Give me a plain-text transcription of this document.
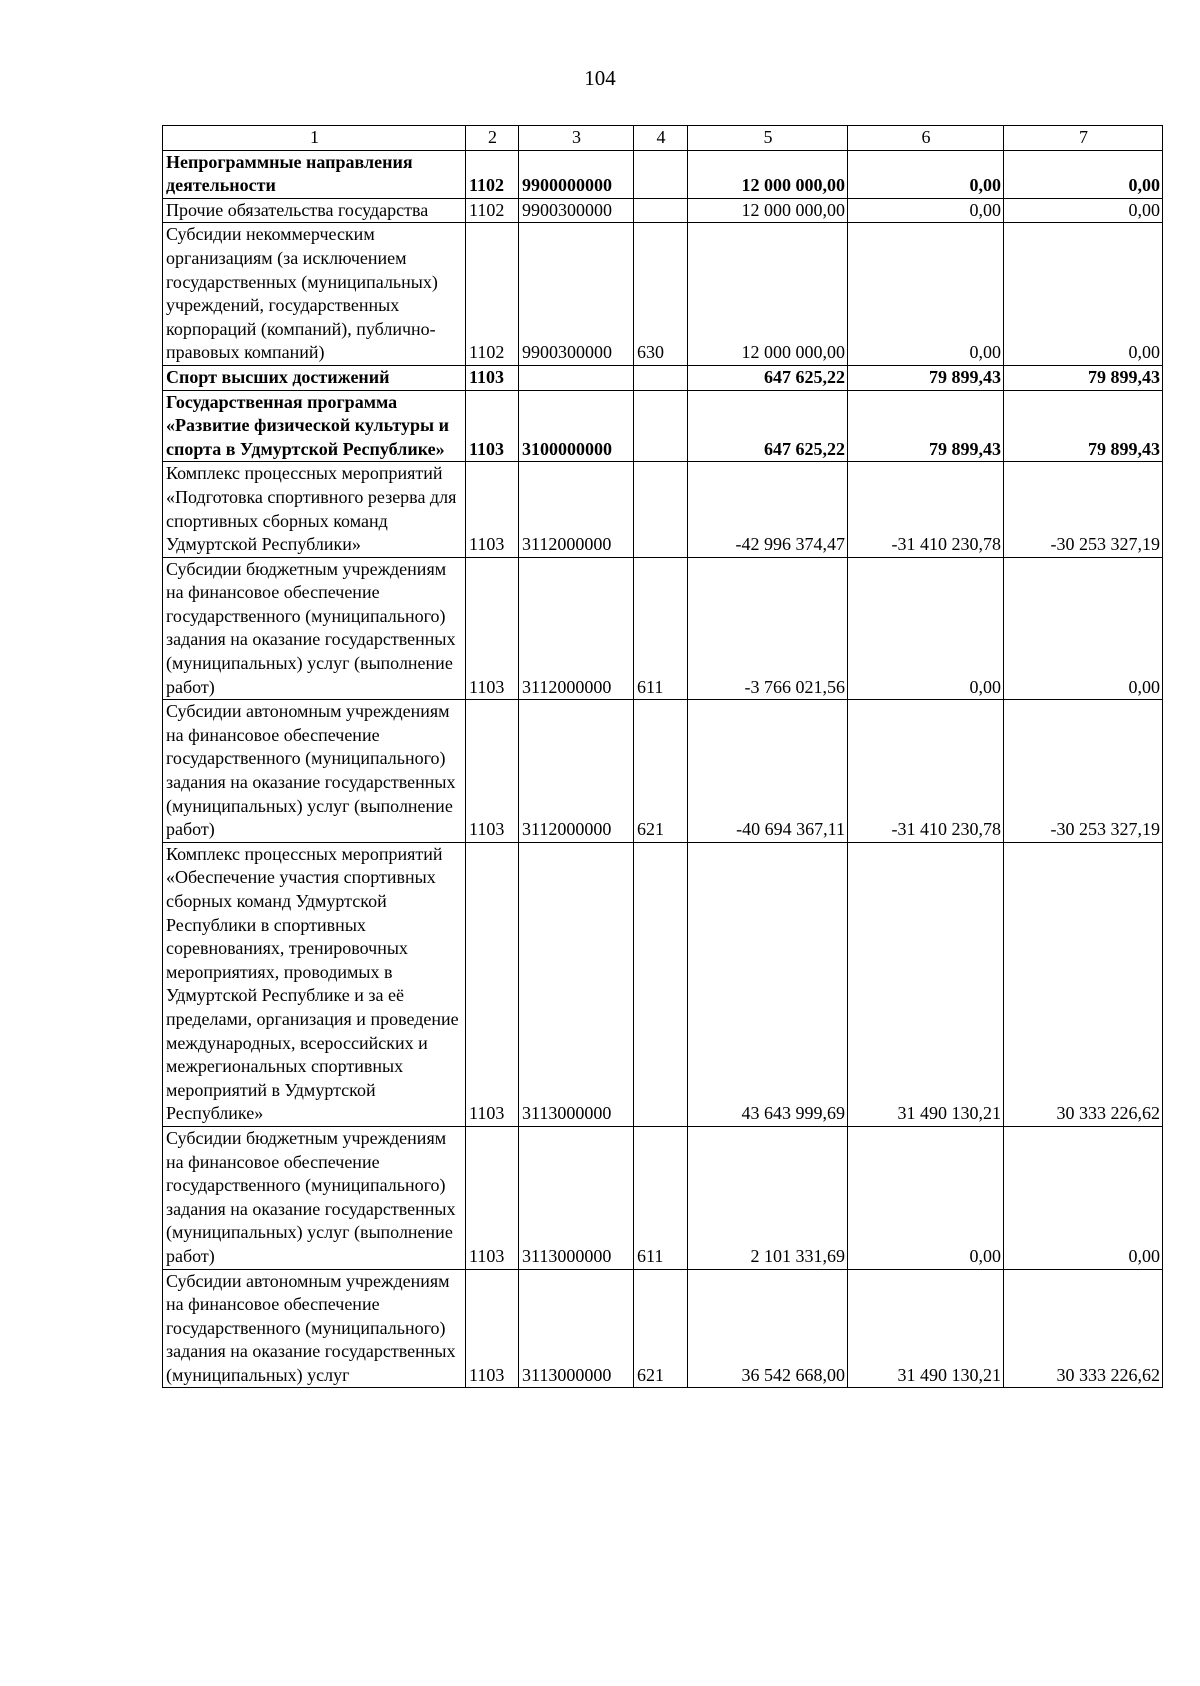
104
1	2	3	4	5	6	7
Непрограммные направления деятельности	1102	9900000000		12 000 000,00	0,00	0,00
Прочие обязательства государства	1102	9900300000		12 000 000,00	0,00	0,00
Субсидии некоммерческим организациям (за исключением государственных (муниципальных) учреждений, государственных корпораций (компаний), публично-правовых компаний)	1102	9900300000	630	12 000 000,00	0,00	0,00
Спорт высших достижений	1103			647 625,22	79 899,43	79 899,43
Государственная программа «Развитие физической культуры и спорта в Удмуртской Республике»	1103	3100000000		647 625,22	79 899,43	79 899,43
Комплекс процессных мероприятий «Подготовка спортивного резерва для спортивных сборных команд Удмуртской Республики»	1103	3112000000		-42 996 374,47	-31 410 230,78	-30 253 327,19
Субсидии бюджетным учреждениям на финансовое обеспечение государственного (муниципального) задания на оказание государственных (муниципальных) услуг (выполнение работ)	1103	3112000000	611	-3 766 021,56	0,00	0,00
Субсидии автономным учреждениям на финансовое обеспечение государственного (муниципального) задания на оказание государственных (муниципальных) услуг (выполнение работ)	1103	3112000000	621	-40 694 367,11	-31 410 230,78	-30 253 327,19
Комплекс процессных мероприятий «Обеспечение участия спортивных сборных команд Удмуртской Республики в спортивных соревнованиях, тренировочных мероприятиях, проводимых в Удмуртской Республике и за её пределами, организация и проведение международных, всероссийских и межрегиональных спортивных мероприятий в Удмуртской Республике»	1103	3113000000		43 643 999,69	31 490 130,21	30 333 226,62
Субсидии бюджетным учреждениям на финансовое обеспечение государственного (муниципального) задания на оказание государственных (муниципальных) услуг (выполнение работ)	1103	3113000000	611	2 101 331,69	0,00	0,00
Субсидии автономным учреждениям на финансовое обеспечение государственного (муниципального) задания на оказание государственных (муниципальных) услуг	1103	3113000000	621	36 542 668,00	31 490 130,21	30 333 226,62
